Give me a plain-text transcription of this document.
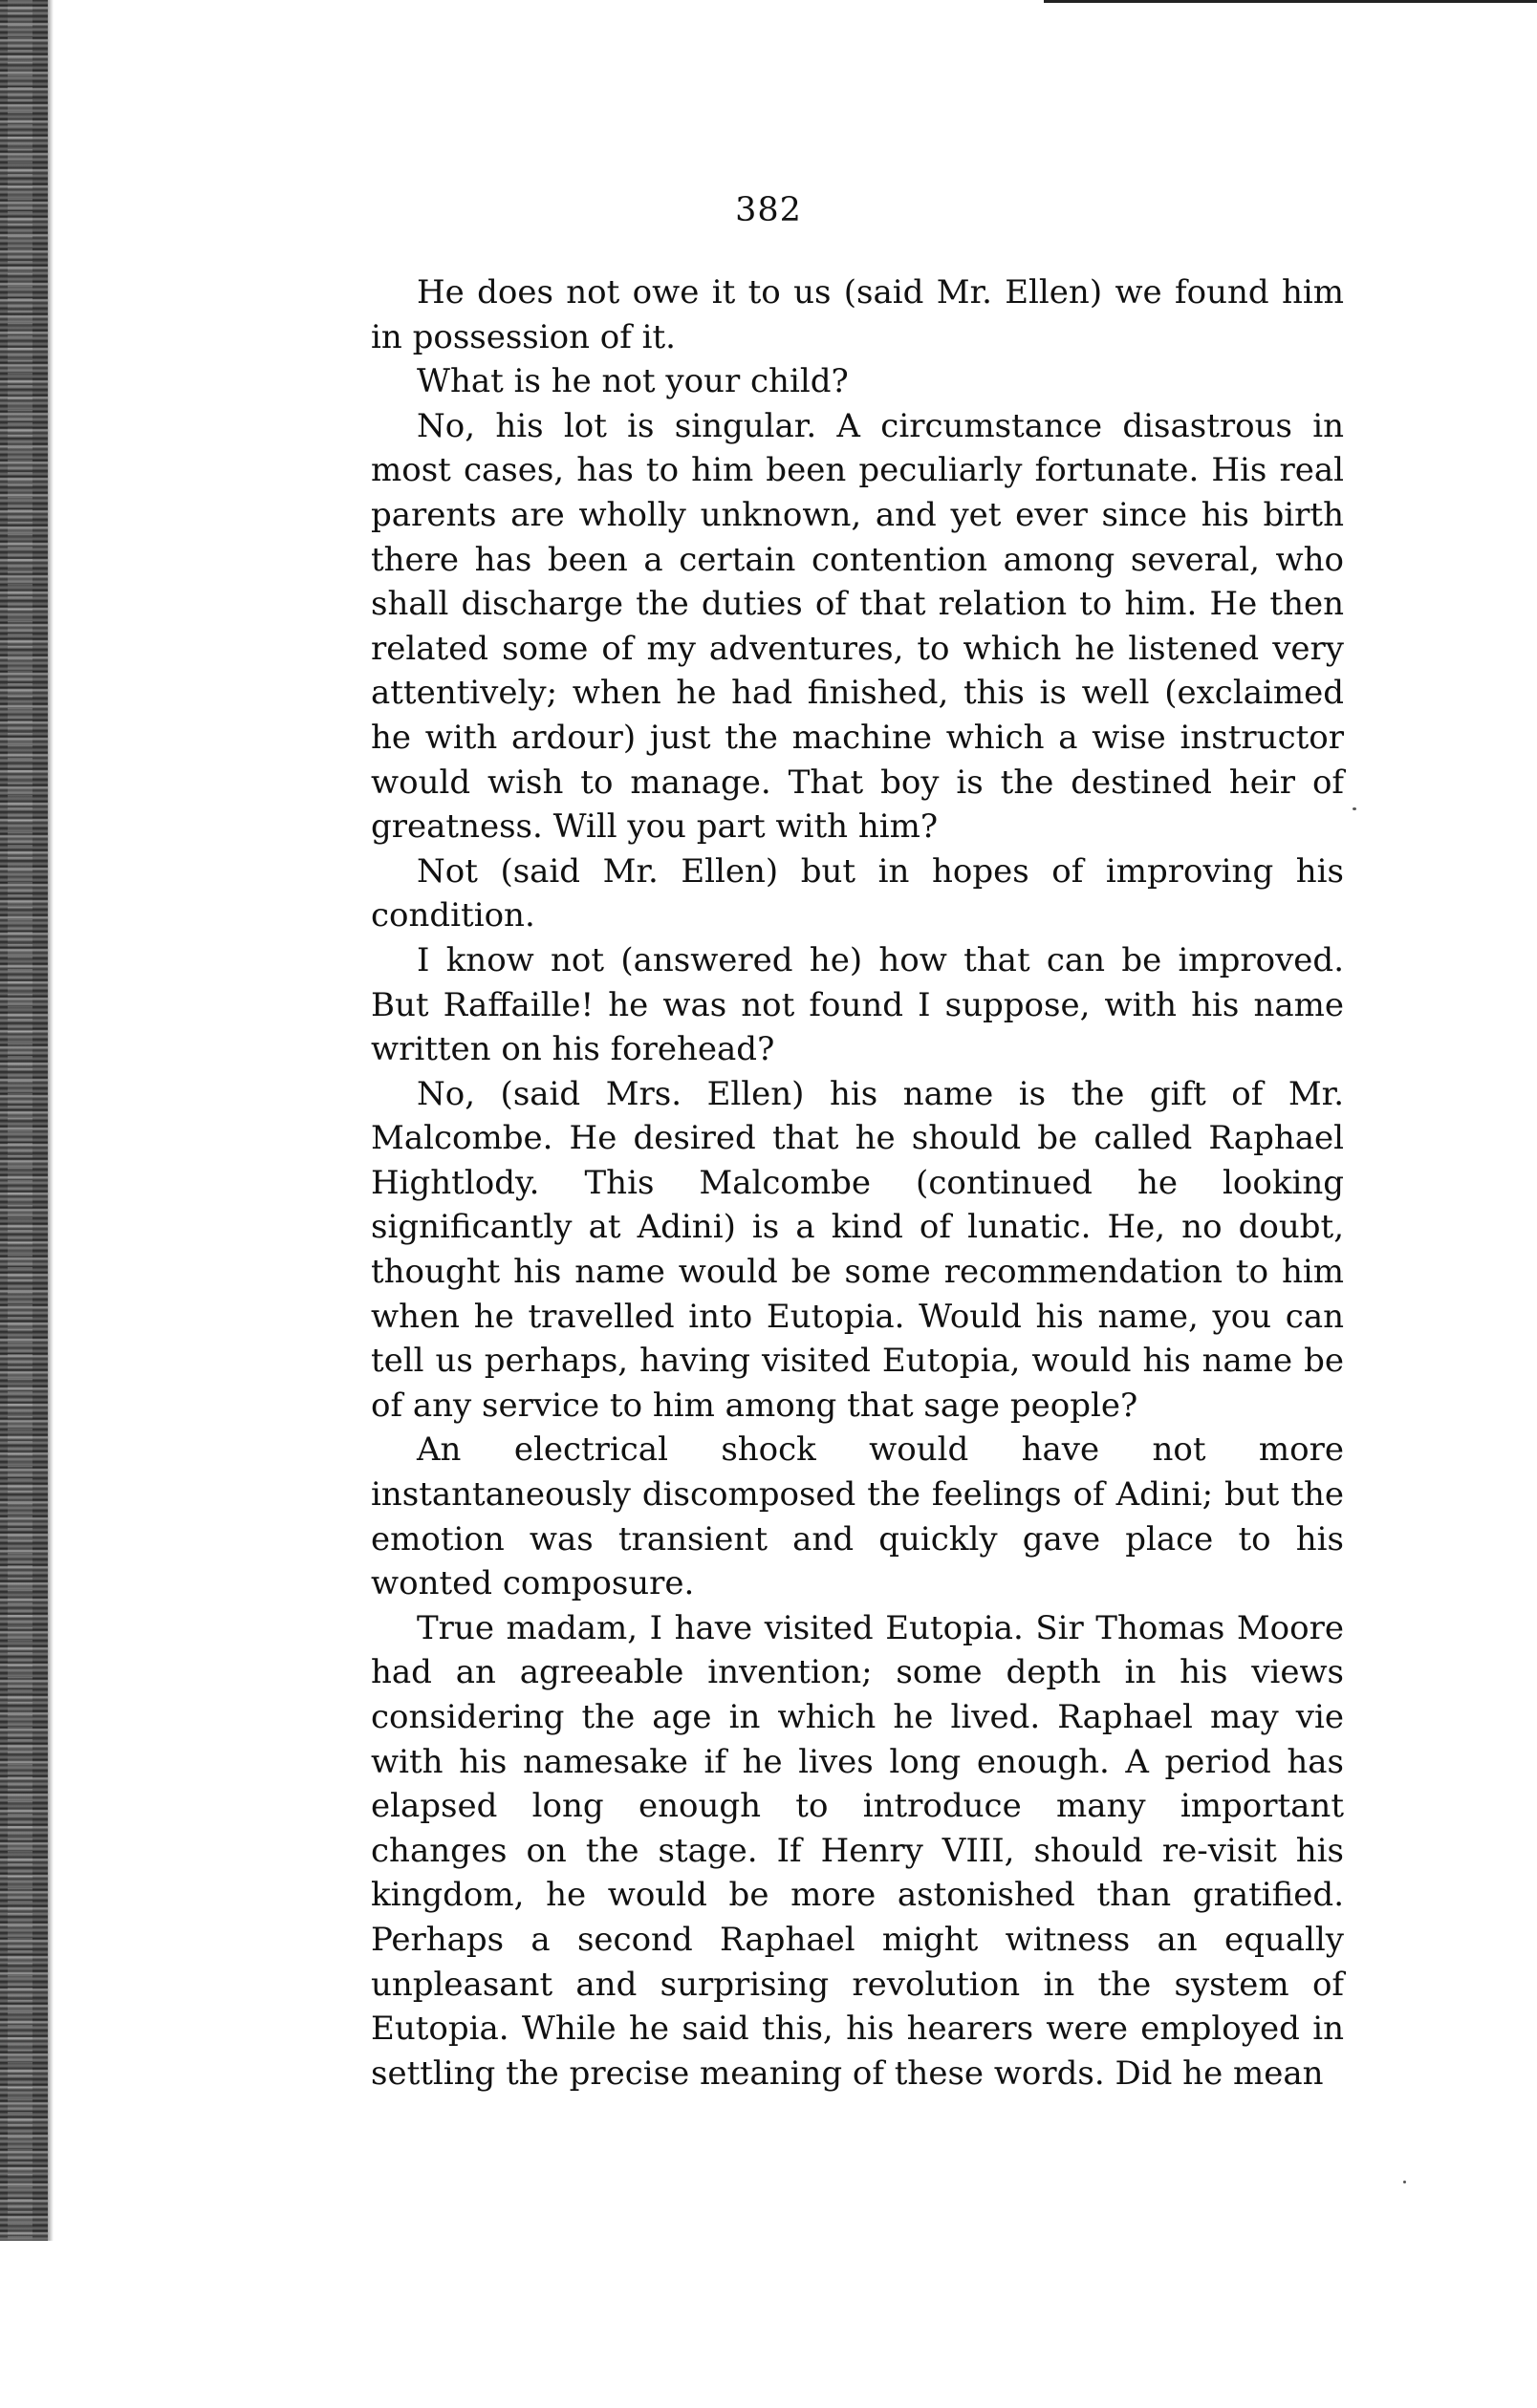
382

He does not owe it to us (said Mr. Ellen) we found him in possession of it.

What is he not your child?

No, his lot is singular. A circumstance disastrous in most cases, has to him been peculiarly fortunate. His real parents are wholly unknown, and yet ever since his birth there has been a certain contention among several, who shall discharge the duties of that relation to him. He then related some of my adventures, to which he listened very attentively; when he had finished, this is well (exclaimed he with ardour) just the machine which a wise instructor would wish to manage. That boy is the destined heir of greatness. Will you part with him?

Not (said Mr. Ellen) but in hopes of improving his condition.

I know not (answered he) how that can be improved. But Raffaille! he was not found I suppose, with his name written on his forehead?

No, (said Mrs. Ellen) his name is the gift of Mr. Malcombe. He desired that he should be called Raphael Hightlody. This Malcombe (continued he looking significantly at Adini) is a kind of lunatic. He, no doubt, thought his name would be some recommendation to him when he travelled into Eutopia. Would his name, you can tell us perhaps, having visited Eutopia, would his name be of any service to him among that sage people?

An electrical shock would have not more instantaneously discomposed the feelings of Adini; but the emotion was transient and quickly gave place to his wonted composure.

True madam, I have visited Eutopia. Sir Thomas Moore had an agreeable invention; some depth in his views considering the age in which he lived. Raphael may vie with his namesake if he lives long enough. A period has elapsed long enough to introduce many important changes on the stage. If Henry VIII, should re-visit his kingdom, he would be more astonished than gratified. Perhaps a second Raphael might witness an equally unpleasant and surprising revolution in the system of Eutopia. While he said this, his hearers were employed in settling the precise meaning of these words. Did he mean
